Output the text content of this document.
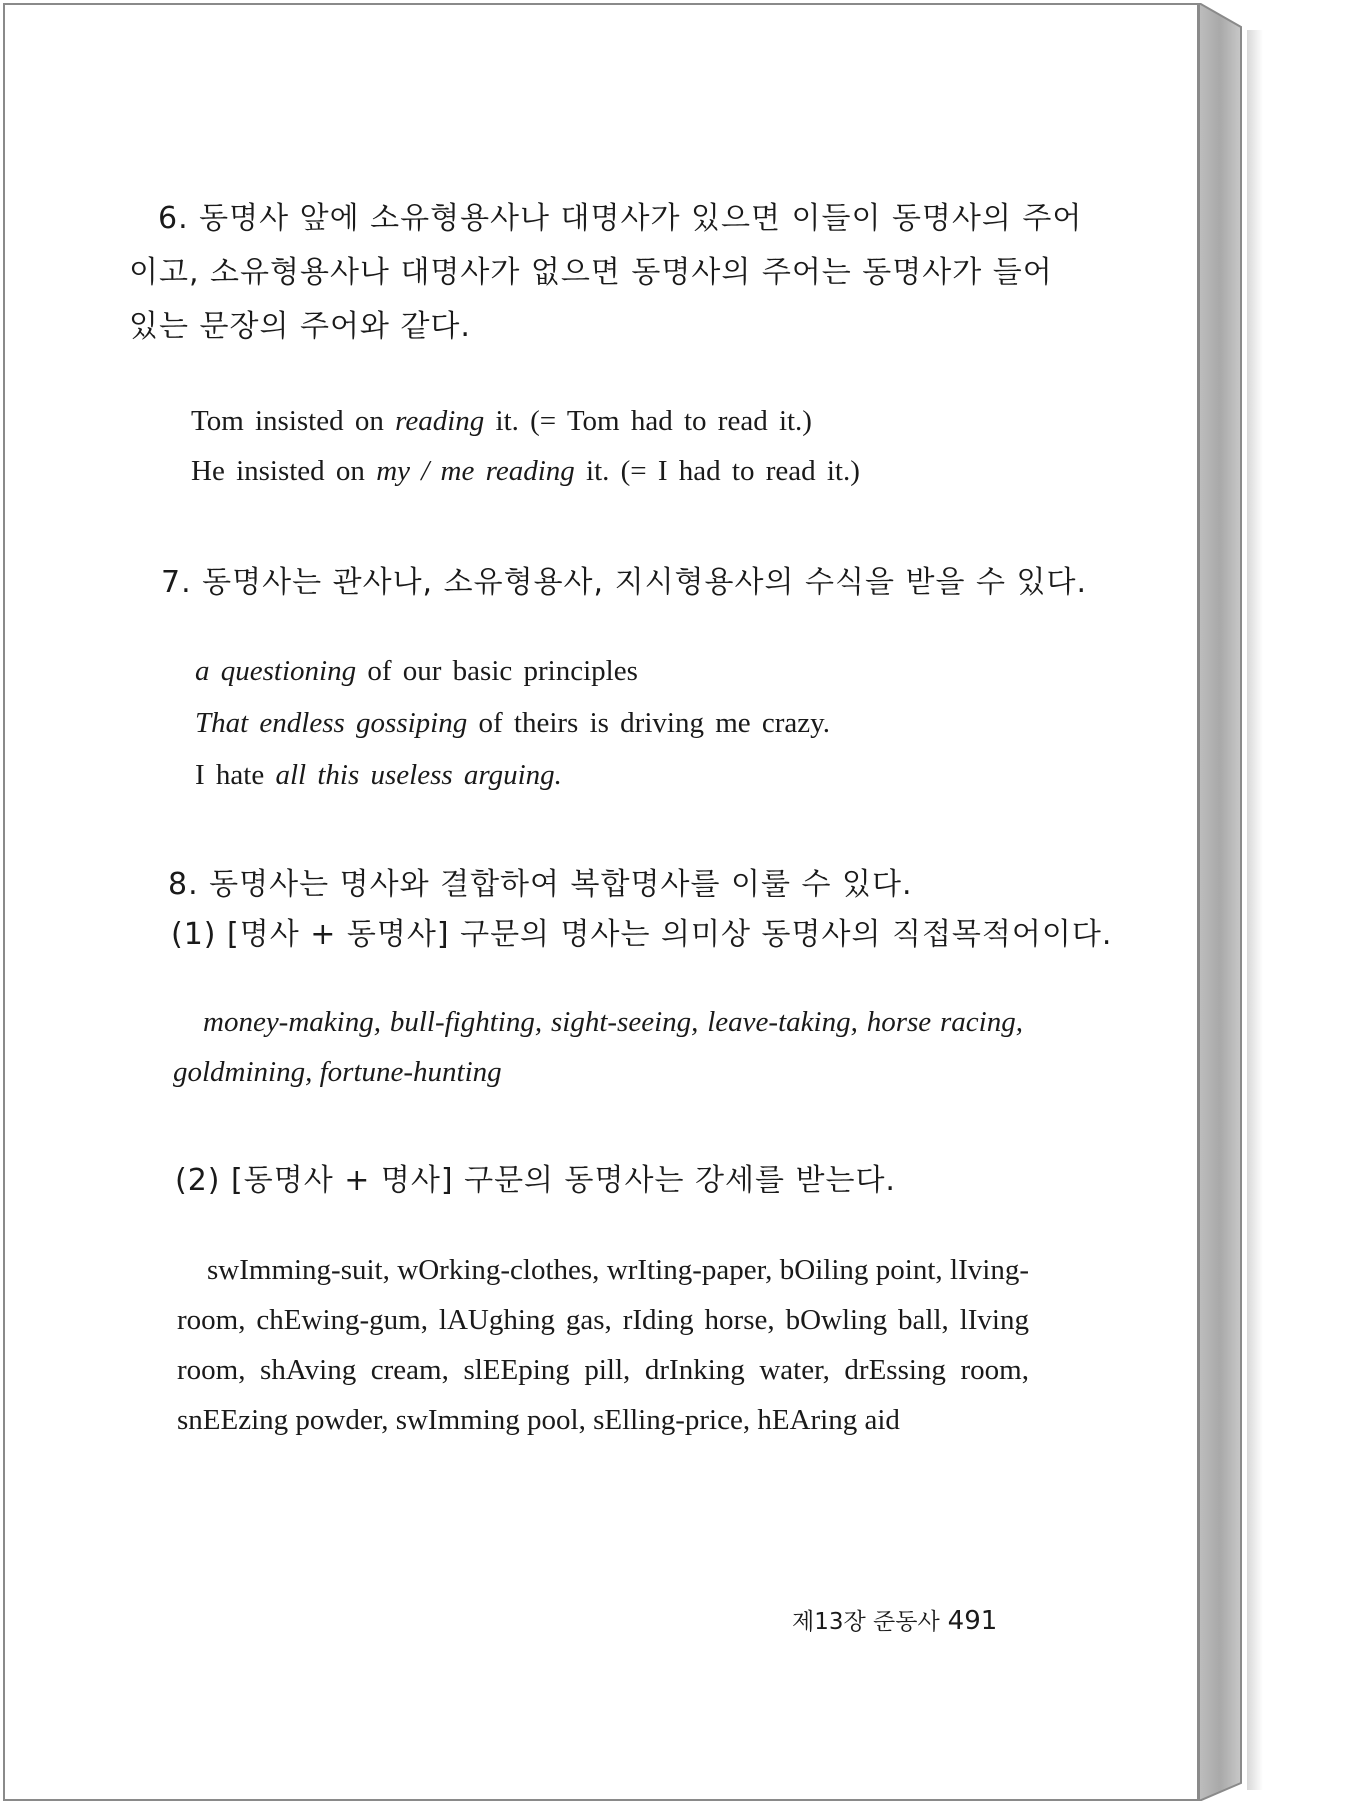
6. 동명사 앞에 소유형용사나 대명사가 있으면 이들이 동명사의 주어
이고, 소유형용사나 대명사가 없으면 동명사의 주어는 동명사가 들어
있는 문장의 주어와 같다.
Tom insisted on reading it. (= Tom had to read it.)
He insisted on my / me reading it. (= I had to read it.)
7. 동명사는 관사나, 소유형용사, 지시형용사의 수식을 받을 수 있다.
a questioning of our basic principles
That endless gossiping of theirs is driving me crazy.
I hate all this useless arguing.
8. 동명사는 명사와 결합하여 복합명사를 이룰 수 있다.
(1) [명사 + 동명사] 구문의 명사는 의미상 동명사의 직접목적어이다.
money-making, bull-fighting, sight-seeing, leave-taking, horse racing, goldmining, fortune-hunting
(2) [동명사 + 명사] 구문의 동명사는 강세를 받는다.
swImming-suit, wOrking-clothes, wrIting-paper, bOiling point, lIving-room, chEwing-gum, lAUghing gas, rIding horse, bOwling ball, lIving room, shAving cream, slEEping pill, drInking water, drEssing room, snEEzing powder, swImming pool, sElling-price, hEAring aid
제13장 준동사 491
